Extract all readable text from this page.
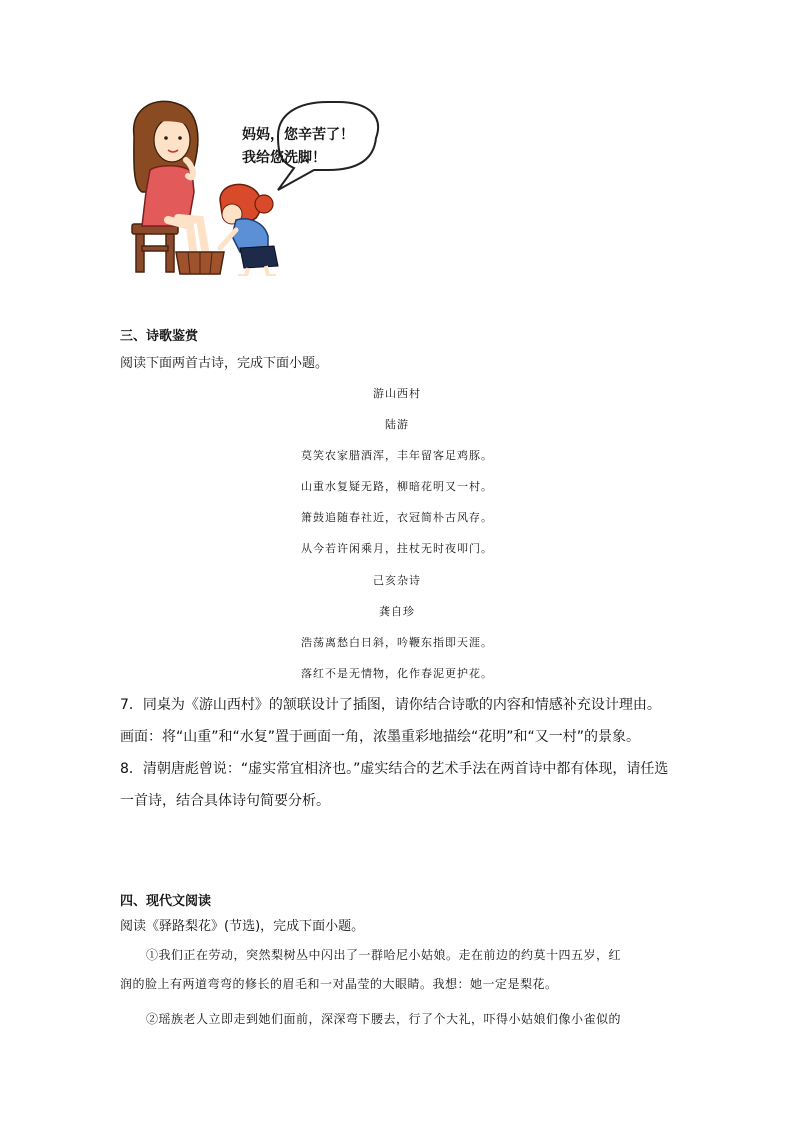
妈妈，您辛苦了！
我给您洗脚！
三、诗歌鉴赏
阅读下面两首古诗，完成下面小题。
游山西村
陆游
莫笑农家腊酒浑，丰年留客足鸡豚。
山重水复疑无路，柳暗花明又一村。
箫鼓追随春社近，衣冠简朴古风存。
从今若许闲乘月，拄杖无时夜叩门。
己亥杂诗
龚自珍
浩荡离愁白日斜，吟鞭东指即天涯。
落红不是无情物，化作春泥更护花。
7．同桌为《游山西村》的颔联设计了插图，请你结合诗歌的内容和情感补充设计理由。
画面：将“山重”和“水复”置于画面一角，浓墨重彩地描绘“花明”和“又一村”的景象。
8．清朝唐彪曾说：“虚实常宜相济也。”虚实结合的艺术手法在两首诗中都有体现，请任选
一首诗，结合具体诗句简要分析。
四、现代文阅读
阅读《驿路梨花》(节选)，完成下面小题。
①我们正在劳动，突然梨树丛中闪出了一群哈尼小姑娘。走在前边的约莫十四五岁，红
润的脸上有两道弯弯的修长的眉毛和一对晶莹的大眼睛。我想：她一定是梨花。
②瑶族老人立即走到她们面前，深深弯下腰去，行了个大礼，吓得小姑娘们像小雀似的
